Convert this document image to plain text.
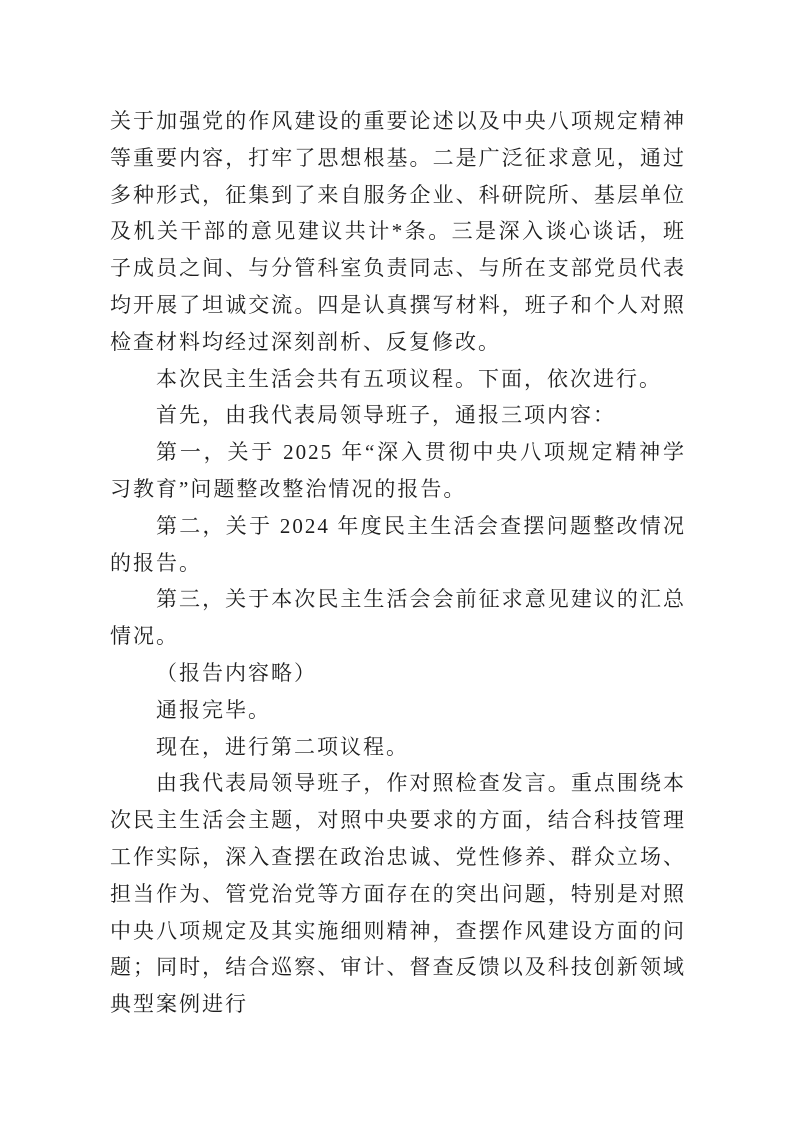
关于加强党的作风建设的重要论述以及中央八项规定精神等重要内容，打牢了思想根基。二是广泛征求意见，通过多种形式，征集到了来自服务企业、科研院所、基层单位及机关干部的意见建议共计*条。三是深入谈心谈话，班子成员之间、与分管科室负责同志、与所在支部党员代表均开展了坦诚交流。四是认真撰写材料，班子和个人对照检查材料均经过深刻剖析、反复修改。

本次民主生活会共有五项议程。下面，依次进行。

首先，由我代表局领导班子，通报三项内容：

第一，关于 2025 年“深入贯彻中央八项规定精神学习教育”问题整改整治情况的报告。

第二，关于 2024 年度民主生活会查摆问题整改情况的报告。

第三，关于本次民主生活会会前征求意见建议的汇总情况。

（报告内容略）

通报完毕。

现在，进行第二项议程。

由我代表局领导班子，作对照检查发言。重点围绕本次民主生活会主题，对照中央要求的方面，结合科技管理工作实际，深入查摆在政治忠诚、党性修养、群众立场、担当作为、管党治党等方面存在的突出问题，特别是对照中央八项规定及其实施细则精神，查摆作风建设方面的问题；同时，结合巡察、审计、督查反馈以及科技创新领域典型案例进行
